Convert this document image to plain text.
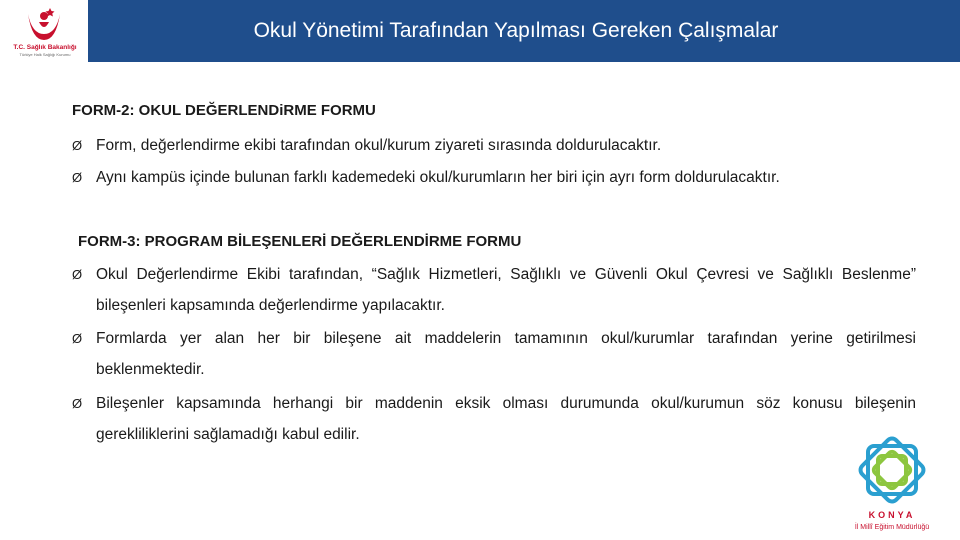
T.C. Sağlık Bakanlığı
Türkiye Halk Sağlığı Kurumu
Okul Yönetimi Tarafından Yapılması Gereken Çalışmalar
FORM-2: OKUL DEĞERLENDiRME FORMU
Ø Form, değerlendirme ekibi tarafından okul/kurum ziyareti sırasında doldurulacaktır.
Ø Aynı kampüs içinde bulunan farklı kademedeki okul/kurumların her biri için ayrı form doldurulacaktır.
FORM-3: PROGRAM BİLEŞENLERİ DEĞERLENDİRME FORMU
Ø Okul Değerlendirme Ekibi tarafından, “Sağlık Hizmetleri, Sağlıklı ve Güvenli Okul Çevresi ve Sağlıklı Beslenme” bileşenleri kapsamında değerlendirme yapılacaktır.
Ø Formlarda yer alan her bir bileşene ait maddelerin tamamının okul/kurumlar tarafından yerine getirilmesi beklenmektedir.
Ø Bileşenler kapsamında herhangi bir maddenin eksik olması durumunda okul/kurumun söz konusu bileşenin gerekliliklerini sağlamadığı kabul edilir.
KONYA
İl Millî Eğitim Müdürlüğü
